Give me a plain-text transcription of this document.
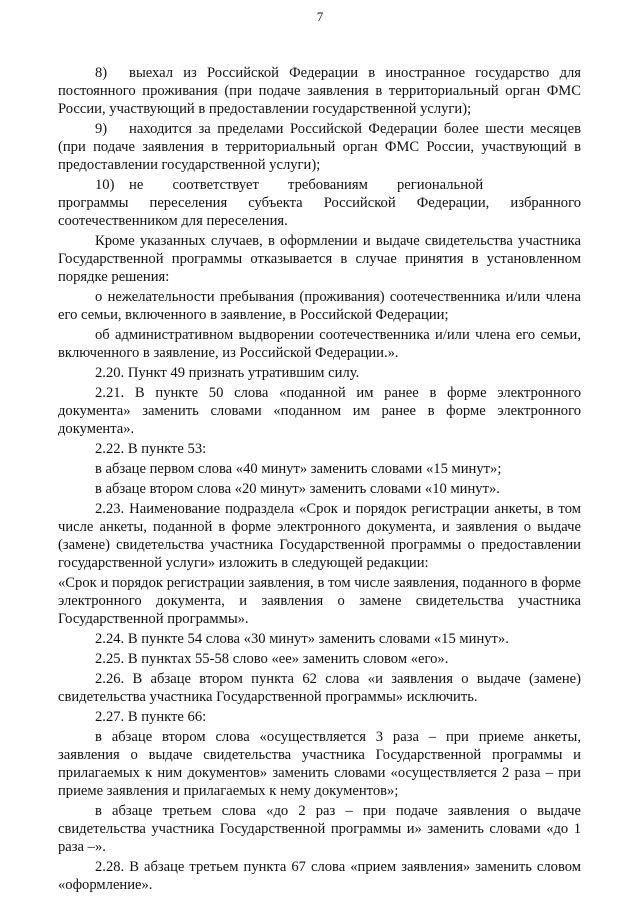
7

8)  выехал из Российской Федерации в иностранное государство для постоянного проживания (при подаче заявления в территориальный орган ФМС России, участвующий в предоставлении государственной услуги);

9)  находится за пределами Российской Федерации более шести месяцев (при подаче заявления в территориальный орган ФМС России, участвующий в предоставлении государственной услуги);

10) не  соответствует  требованиям  региональной  программы переселения субъекта Российской Федерации, избранного соотечественником для переселения.

Кроме указанных случаев, в оформлении и выдаче свидетельства участника Государственной программы отказывается в случае принятия в установленном порядке решения:

о нежелательности пребывания (проживания) соотечественника и/или члена его семьи, включенного в заявление, в Российской Федерации;

об административном выдворении соотечественника и/или члена его семьи, включенного в заявление, из Российской Федерации.».

2.20. Пункт 49 признать утратившим силу.

2.21. В пункте 50 слова «поданной им ранее в форме электронного документа» заменить словами «поданном им ранее в форме электронного документа».

2.22. В пункте 53:

в абзаце первом слова «40 минут» заменить словами «15 минут»;

в абзаце втором слова «20 минут» заменить словами «10 минут».

2.23. Наименование подраздела «Срок и порядок регистрации анкеты, в том числе анкеты, поданной в форме электронного документа, и заявления о выдаче (замене) свидетельства участника Государственной программы о предоставлении государственной услуги» изложить в следующей редакции:

«Срок и порядок регистрации заявления, в том числе заявления, поданного в форме электронного документа, и заявления о замене свидетельства участника Государственной программы».

2.24. В пункте 54 слова «30 минут» заменить словами «15 минут».

2.25. В пунктах 55-58 слово «ее» заменить словом «его».

2.26. В абзаце втором пункта 62 слова «и заявления о выдаче (замене) свидетельства участника Государственной программы» исключить.

2.27. В пункте 66:

в абзаце втором слова «осуществляется 3 раза – при приеме анкеты, заявления о выдаче свидетельства участника Государственной программы и прилагаемых к ним документов» заменить словами «осуществляется 2 раза – при приеме заявления и прилагаемых к нему документов»;

в абзаце третьем слова «до 2 раз – при подаче заявления о выдаче свидетельства участника Государственной программы и» заменить словами «до 1 раза –».

2.28. В абзаце третьем пункта 67 слова «прием заявления» заменить словом «оформление».
